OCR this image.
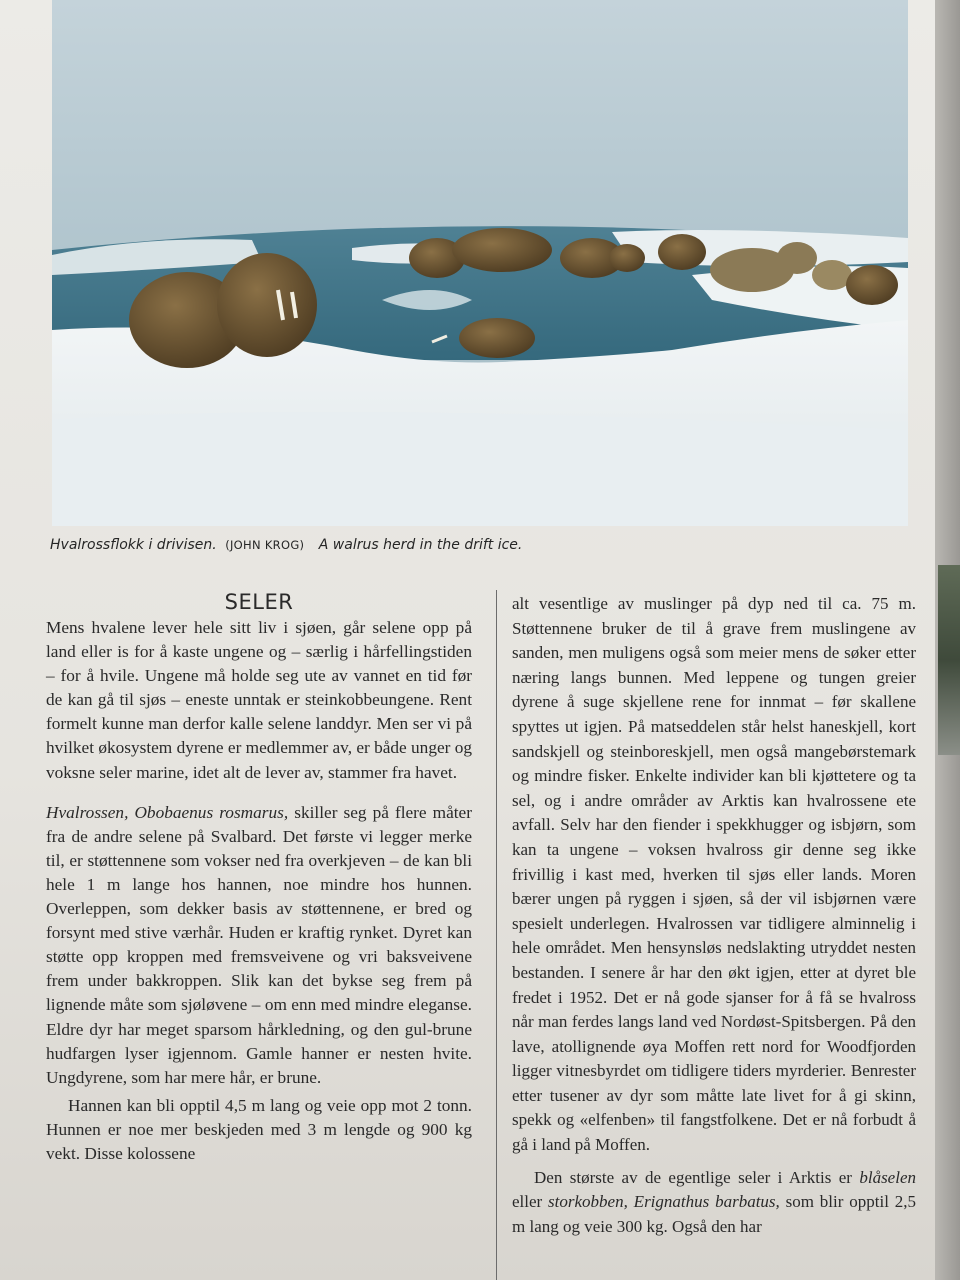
Hvalrossflokk i drivisen. (JOHN KROG) A walrus herd in the drift ice.
SELER

Mens hvalene lever hele sitt liv i sjøen, går selene opp på land eller is for å kaste ungene og – særlig i hårfellingstiden – for å hvile. Ungene må holde seg ute av vannet en tid før de kan gå til sjøs – eneste unntak er steinkobbeungene. Rent formelt kunne man derfor kalle selene landdyr. Men ser vi på hvilket økosystem dyrene er medlemmer av, er både unger og voksne seler marine, idet alt de lever av, stammer fra havet.

Hvalrossen, Obobaenus rosmarus, skiller seg på flere måter fra de andre selene på Svalbard. Det første vi legger merke til, er støttennene som vokser ned fra overkjeven – de kan bli hele 1 m lange hos hannen, noe mindre hos hunnen. Overleppen, som dekker basis av støttennene, er bred og forsynt med stive værhår. Huden er kraftig rynket. Dyret kan støtte opp kroppen med fremsveivene og vri baksveivene frem under bakkroppen. Slik kan det bykse seg frem på lignende måte som sjøløvene – om enn med mindre eleganse. Eldre dyr har meget sparsom hårkledning, og den gul-brune hudfargen lyser igjennom. Gamle hanner er nesten hvite. Ungdyrene, som har mere hår, er brune.

Hannen kan bli opptil 4,5 m lang og veie opp mot 2 tonn. Hunnen er noe mer beskjeden med 3 m lengde og 900 kg vekt. Disse kolossene

alt vesentlige av muslinger på dyp ned til ca. 75 m. Støttennene bruker de til å grave frem muslingene av sanden, men muligens også som meier mens de søker etter næring langs bunnen. Med leppene og tungen greier dyrene å suge skjellene rene for innmat – før skallene spyttes ut igjen. På matseddelen står helst haneskjell, kort sandskjell og steinboreskjell, men også mangebørstemark og mindre fisker. Enkelte individer kan bli kjøttetere og ta sel, og i andre områder av Arktis kan hvalrossene ete avfall. Selv har den fiender i spekkhugger og isbjørn, som kan ta ungene – voksen hvalross gir denne seg ikke frivillig i kast med, hverken til sjøs eller lands. Moren bærer ungen på ryggen i sjøen, så der vil isbjørnen være spesielt underlegen. Hvalrossen var tidligere alminnelig i hele området. Men hensynsløs nedslakting utryddet nesten bestanden. I senere år har den økt igjen, etter at dyret ble fredet i 1952. Det er nå gode sjanser for å få se hvalross når man ferdes langs land ved Nordøst-Spitsbergen. På den lave, atollignende øya Moffen rett nord for Woodfjorden ligger vitnesbyrdet om tidligere tiders myrderier. Benrester etter tusener av dyr som måtte late livet for å gi skinn, spekk og «elfenben» til fangstfolkene. Det er nå forbudt å gå i land på Moffen.

Den største av de egentlige seler i Arktis er blåselen eller storkobben, Erignathus barbatus, som blir opptil 2,5 m lang og veie 300 kg. Også den har
